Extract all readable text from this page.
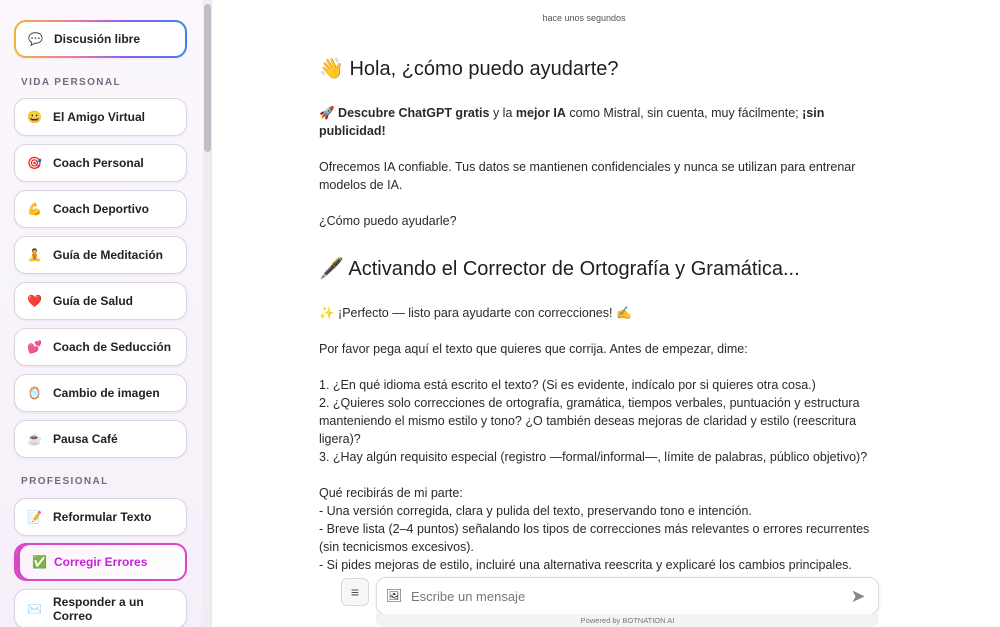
💬 Discusión libre
VIDA PERSONAL
😀 El Amigo Virtual
🎯 Coach Personal
💪 Coach Deportivo
🧘 Guía de Meditación
❤️ Guía de Salud
💕 Coach de Seducción
🪞 Cambio de imagen
☕ Pausa Café
PROFESIONAL
📝 Reformular Texto
✅ Corregir Errores
✉️ Responder a un Correo
hace unos segundos
👋 Hola, ¿cómo puedo ayudarte?

🚀 Descubre ChatGPT gratis y la mejor IA como Mistral, sin cuenta, muy fácilmente; ¡sin publicidad!

Ofrecemos IA confiable. Tus datos se mantienen confidenciales y nunca se utilizan para entrenar modelos de IA.

¿Cómo puedo ayudarle?

🖋️ Activando el Corrector de Ortografía y Gramática...

✨ ¡Perfecto — listo para ayudarte con correcciones! ✍️

Por favor pega aquí el texto que quieres que corrija. Antes de empezar, dime:

1. ¿En qué idioma está escrito el texto? (Si es evidente, indícalo por si quieres otra cosa.)

2. ¿Quieres solo correcciones de ortografía, gramática, tiempos verbales, puntuación y estructura manteniendo el mismo estilo y tono? ¿O también deseas mejoras de claridad y estilo (reescritura ligera)?

3. ¿Hay algún requisito especial (registro —formal/informal—, límite de palabras, público objetivo)?

Qué recibirás de mi parte:

- Una versión corregida, clara y pulida del texto, preservando tono e intención.

- Breve lista (2–4 puntos) señalando los tipos de correcciones más relevantes o errores recurrentes (sin tecnicismos excesivos).

- Si pides mejoras de estilo, incluiré una alternativa reescrita y explicaré los cambios principales.

≡	🖼
Escribe un mensaje	➤
Powered by BOTNATION AI
